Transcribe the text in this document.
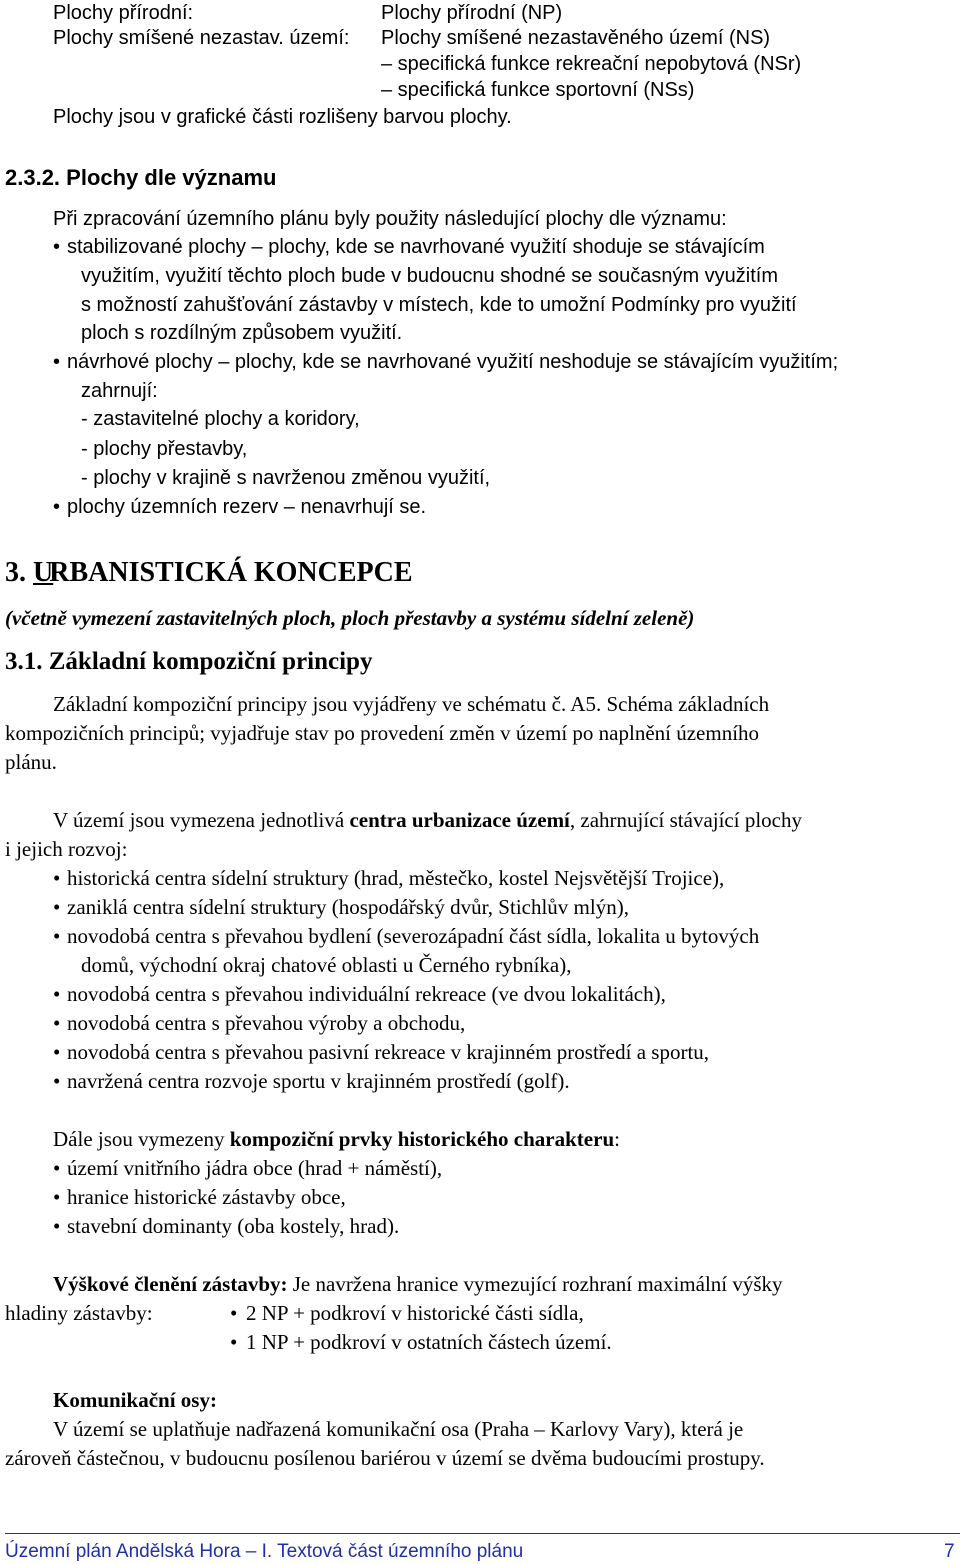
Plochy přírodní:	Plochy přírodní (NP)
Plochy smíšené nezastav. území: Plochy smíšené nezastavěného území (NS)
– specifická funkce rekreační nepobytová (NSr)
– specifická funkce sportovní (NSs)
Plochy jsou v grafické části rozlišeny barvou plochy.
2.3.2. Plochy dle významu
Při zpracování územního plánu byly použity následující plochy dle významu:
• stabilizované plochy – plochy, kde se navrhované využití shoduje se stávajícím
využitím, využití těchto ploch bude v budoucnu shodné se současným využitím
s možností zahušťování zástavby v místech, kde to umožní Podmínky pro využití
ploch s rozdílným způsobem využití.
• návrhové plochy – plochy, kde se navrhované využití neshoduje se stávajícím využitím;
zahrnují:
- zastavitelné plochy a koridory,
- plochy přestavby,
- plochy v krajině s navrženou změnou využití,
• plochy územních rezerv – nenavrhují se.
3. URBANISTICKÁ KONCEPCE
(včetně vymezení zastavitelných ploch, ploch přestavby a systému sídelní zeleně)
3.1. Základní kompoziční principy
Základní kompoziční principy jsou vyjádřeny ve schématu č. A5. Schéma základních
kompozičních principů; vyjadřuje stav po provedení změn v území po naplnění územního
plánu.
V území jsou vymezena jednotlivá centra urbanizace území, zahrnující stávající plochy
i jejich rozvoj:
• historická centra sídelní struktury (hrad, městečko, kostel Nejsvětější Trojice),
• zaniklá centra sídelní struktury (hospodářský dvůr, Stichlův mlýn),
• novodobá centra s převahou bydlení (severozápadní část sídla, lokalita u bytových
domů, východní okraj chatové oblasti u Černého rybníka),
• novodobá centra s převahou individuální rekreace (ve dvou lokalitách),
• novodobá centra s převahou výroby a obchodu,
• novodobá centra s převahou pasivní rekreace v krajinném prostředí a sportu,
• navržená centra rozvoje sportu v krajinném prostředí (golf).
Dále jsou vymezeny kompoziční prvky historického charakteru:
• území vnitřního jádra obce (hrad + náměstí),
• hranice historické zástavby obce,
• stavební dominanty (oba kostely, hrad).
Výškové členění zástavby: Je navržena hranice vymezující rozhraní maximální výšky
hladiny zástavby:	• 2 NP + podkroví v historické části sídla,
• 1 NP + podkroví v ostatních částech území.
Komunikační osy:
V území se uplatňuje nadřazená komunikační osa (Praha – Karlovy Vary), která je
zároveň částečnou, v budoucnu posílenou bariérou v území se dvěma budoucími prostupy.
Územní plán Andělská Hora – I. Textová část územního plánu	7
